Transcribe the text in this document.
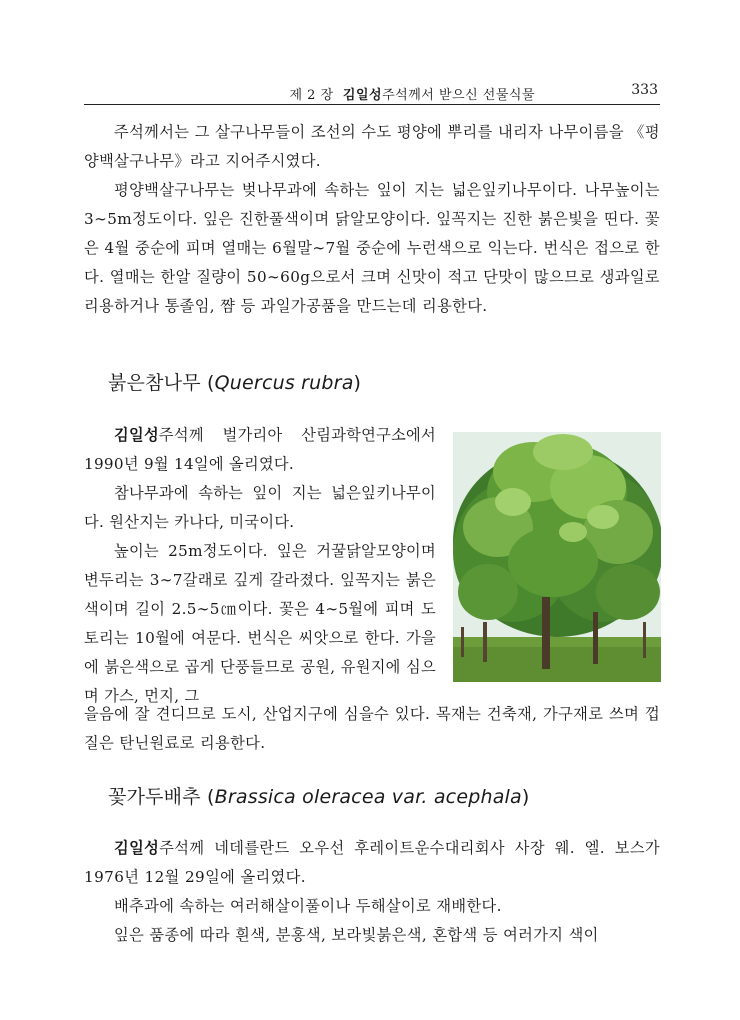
제 2 장 김일성주석께서 받으신 선물식물	333

주석께서는 그 살구나무들이 조선의 수도 평양에 뿌리를 내리자 나무이름을 《평양백살구나무》라고 지어주시였다.

평양백살구나무는 벚나무과에 속하는 잎이 지는 넓은잎키나무이다. 나무높이는 3∼5m정도이다. 잎은 진한풀색이며 닭알모양이다. 잎꼭지는 진한 붉은빛을 띤다. 꽃은 4월 중순에 피며 열매는 6월말∼7월 중순에 누런색으로 익는다. 번식은 접으로 한다. 열매는 한알 질량이 50∼60g으로서 크며 신맛이 적고 단맛이 많으므로 생과일로 리용하거나 통졸임, 쨤 등 과일가공품을 만드는데 리용한다.

붉은참나무 (Quercus rubra)

김일성주석께 벌가리아 산림과학연구소에서 1990년 9월 14일에 올리였다.

참나무과에 속하는 잎이 지는 넓은잎키나무이다. 원산지는 카나다, 미국이다.

높이는 25m정도이다. 잎은 거꿀닭알모양이며 변두리는 3∼7갈래로 깊게 갈라졌다. 잎꼭지는 붉은색이며 길이 2.5∼5㎝이다. 꽃은 4∼5월에 피며 도토리는 10월에 여문다. 번식은 씨앗으로 한다. 가을에 붉은색으로 곱게 단풍들므로 공원, 유원지에 심으며 가스, 먼지, 그

을음에 잘 견디므로 도시, 산업지구에 심을수 있다. 목재는 건축재, 가구재로 쓰며 껍질은 탄닌원료로 리용한다.

꽃가두배추 (Brassica oleracea var. acephala)

김일성주석께 네데를란드 오우선 후레이트운수대리회사 사장 웨. 엘. 보스가 1976년 12월 29일에 올리였다.

배추과에 속하는 여러해살이풀이나 두해살이로 재배한다.

잎은 품종에 따라 흰색, 분홍색, 보라빛붉은색, 혼합색 등 여러가지 색이
